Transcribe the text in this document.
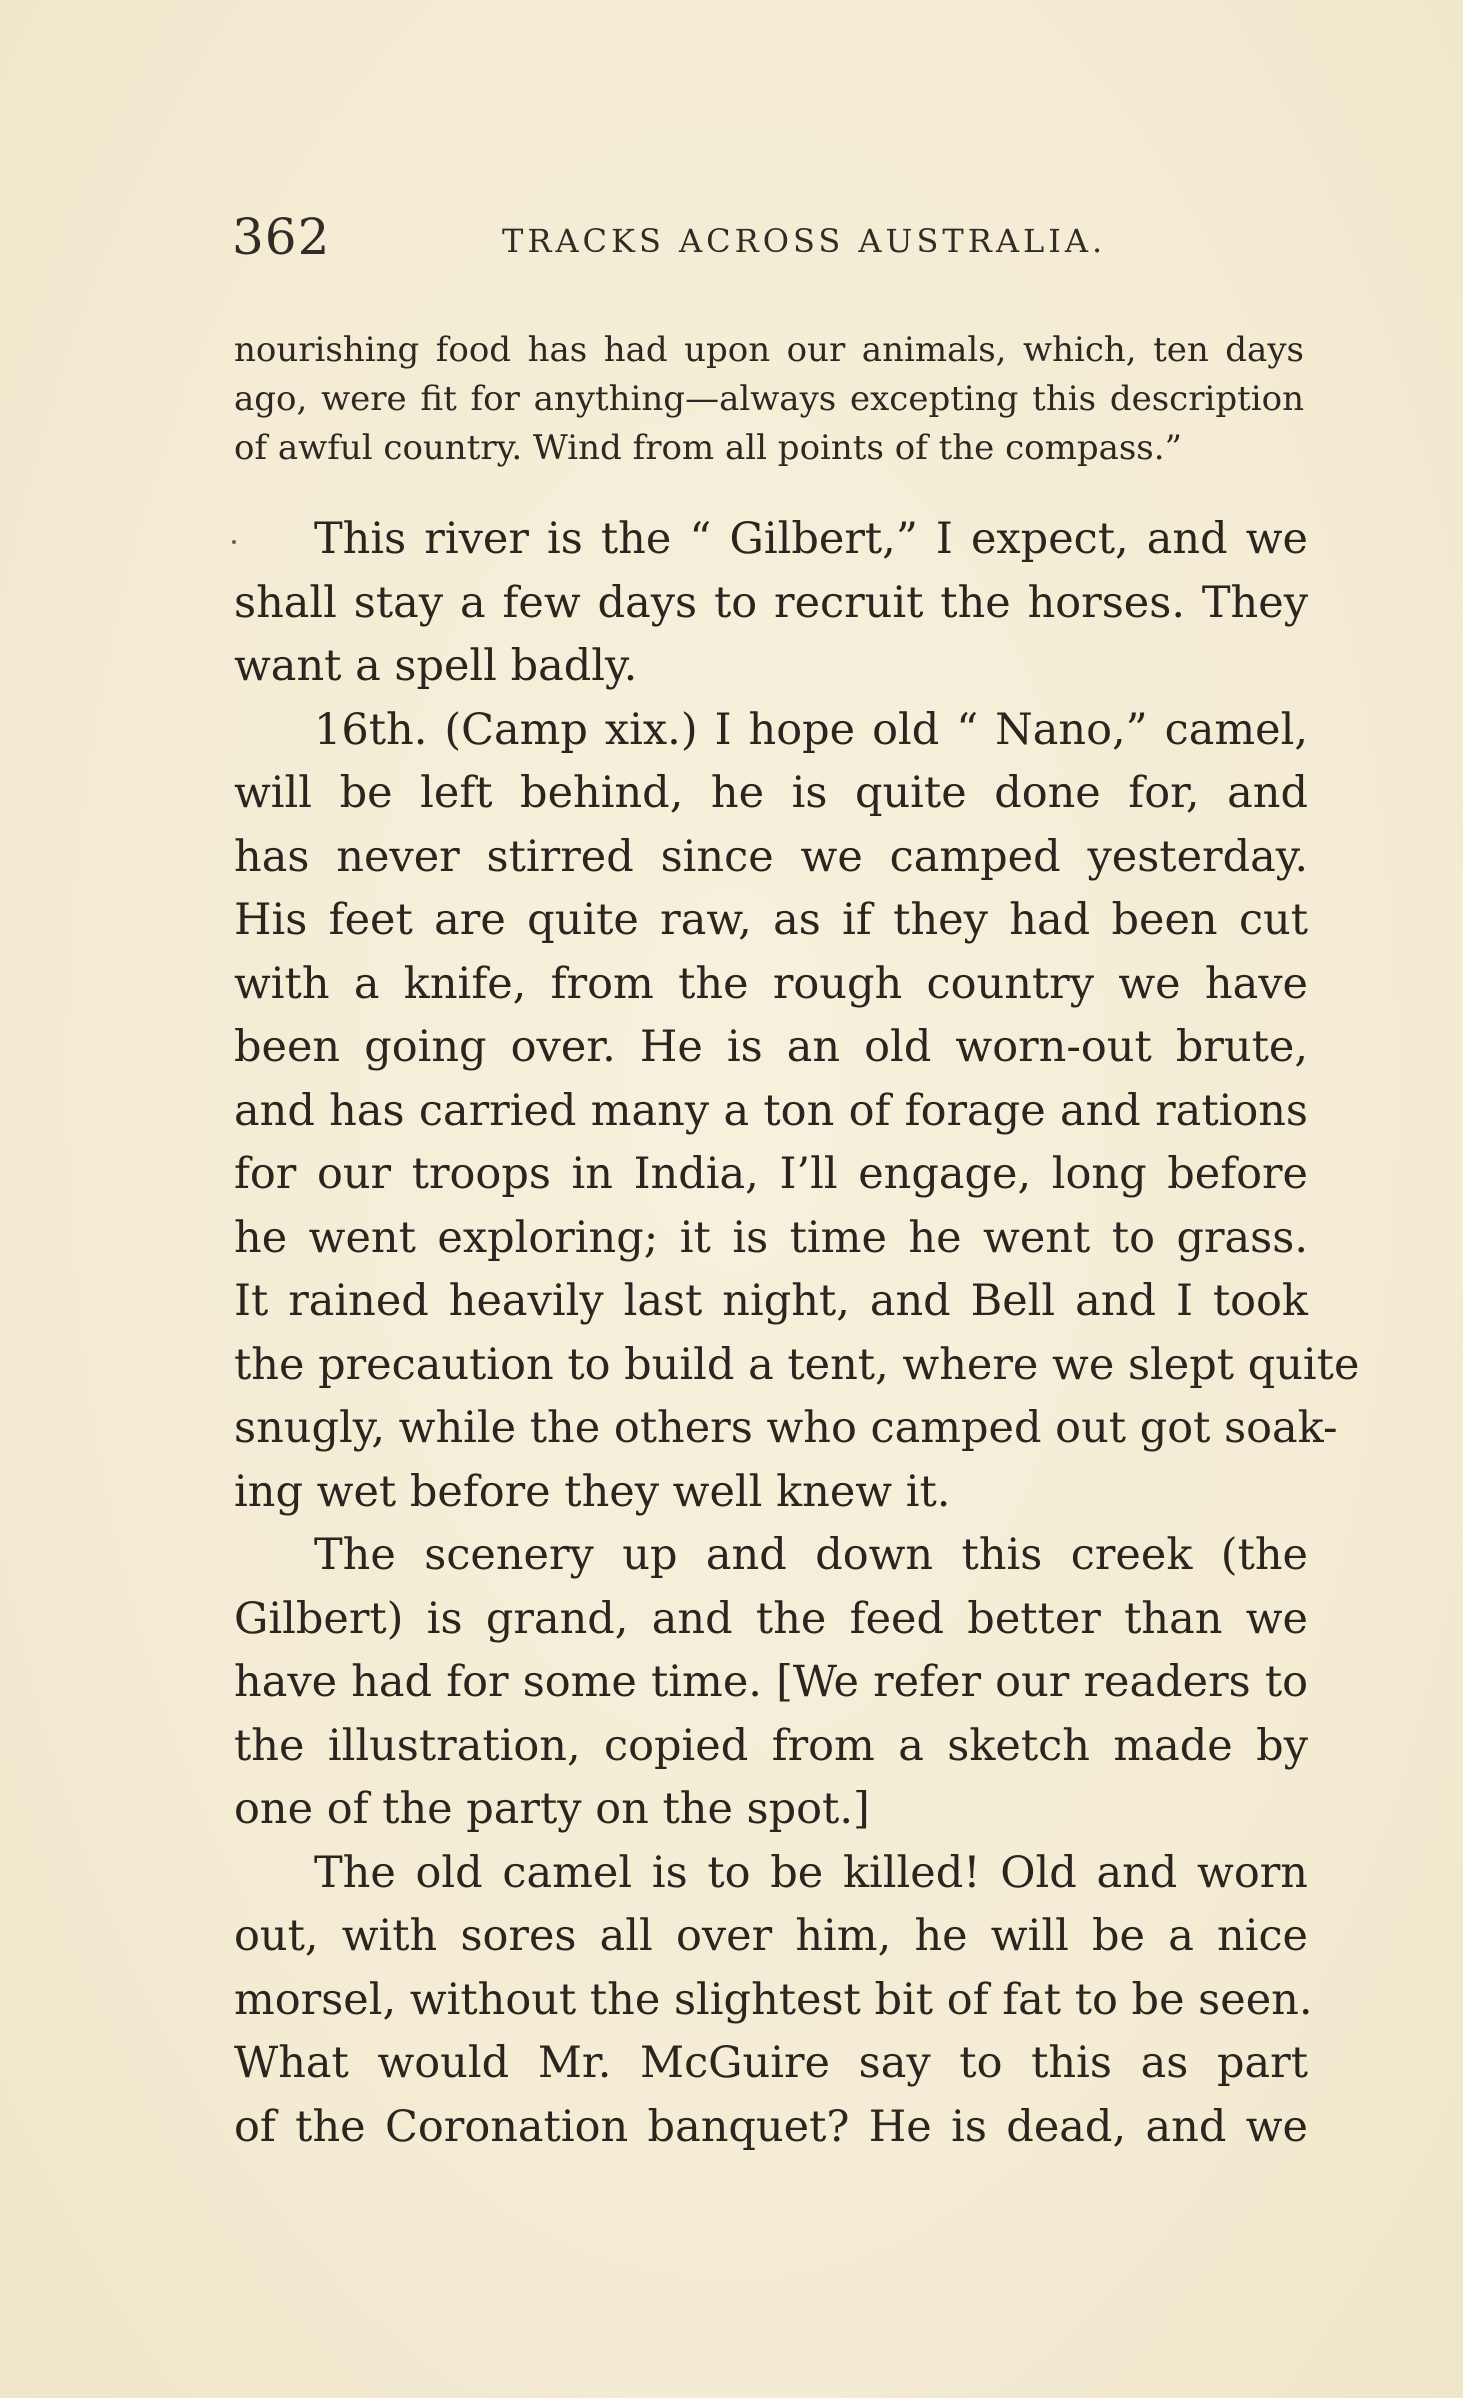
362	TRACKS ACROSS AUSTRALIA.
nourishing food has had upon our animals, which, ten days
ago, were fit for anything—always excepting this description
of awful country. Wind from all points of the compass.”
This river is the “ Gilbert,” I expect, and we
shall stay a few days to recruit the horses. They
want a spell badly.
16th. (Camp xix.) I hope old “ Nano,” camel,
will be left behind, he is quite done for, and
has never stirred since we camped yesterday.
His feet are quite raw, as if they had been cut
with a knife, from the rough country we have
been going over. He is an old worn-out brute,
and has carried many a ton of forage and rations
for our troops in India, I’ll engage, long before
he went exploring; it is time he went to grass.
It rained heavily last night, and Bell and I took
the precaution to build a tent, where we slept quite
snugly, while the others who camped out got soak-
ing wet before they well knew it.
The scenery up and down this creek (the
Gilbert) is grand, and the feed better than we
have had for some time. [We refer our readers to
the illustration, copied from a sketch made by
one of the party on the spot.]
The old camel is to be killed! Old and worn
out, with sores all over him, he will be a nice
morsel, without the slightest bit of fat to be seen.
What would Mr. McGuire say to this as part
of the Coronation banquet? He is dead, and we
